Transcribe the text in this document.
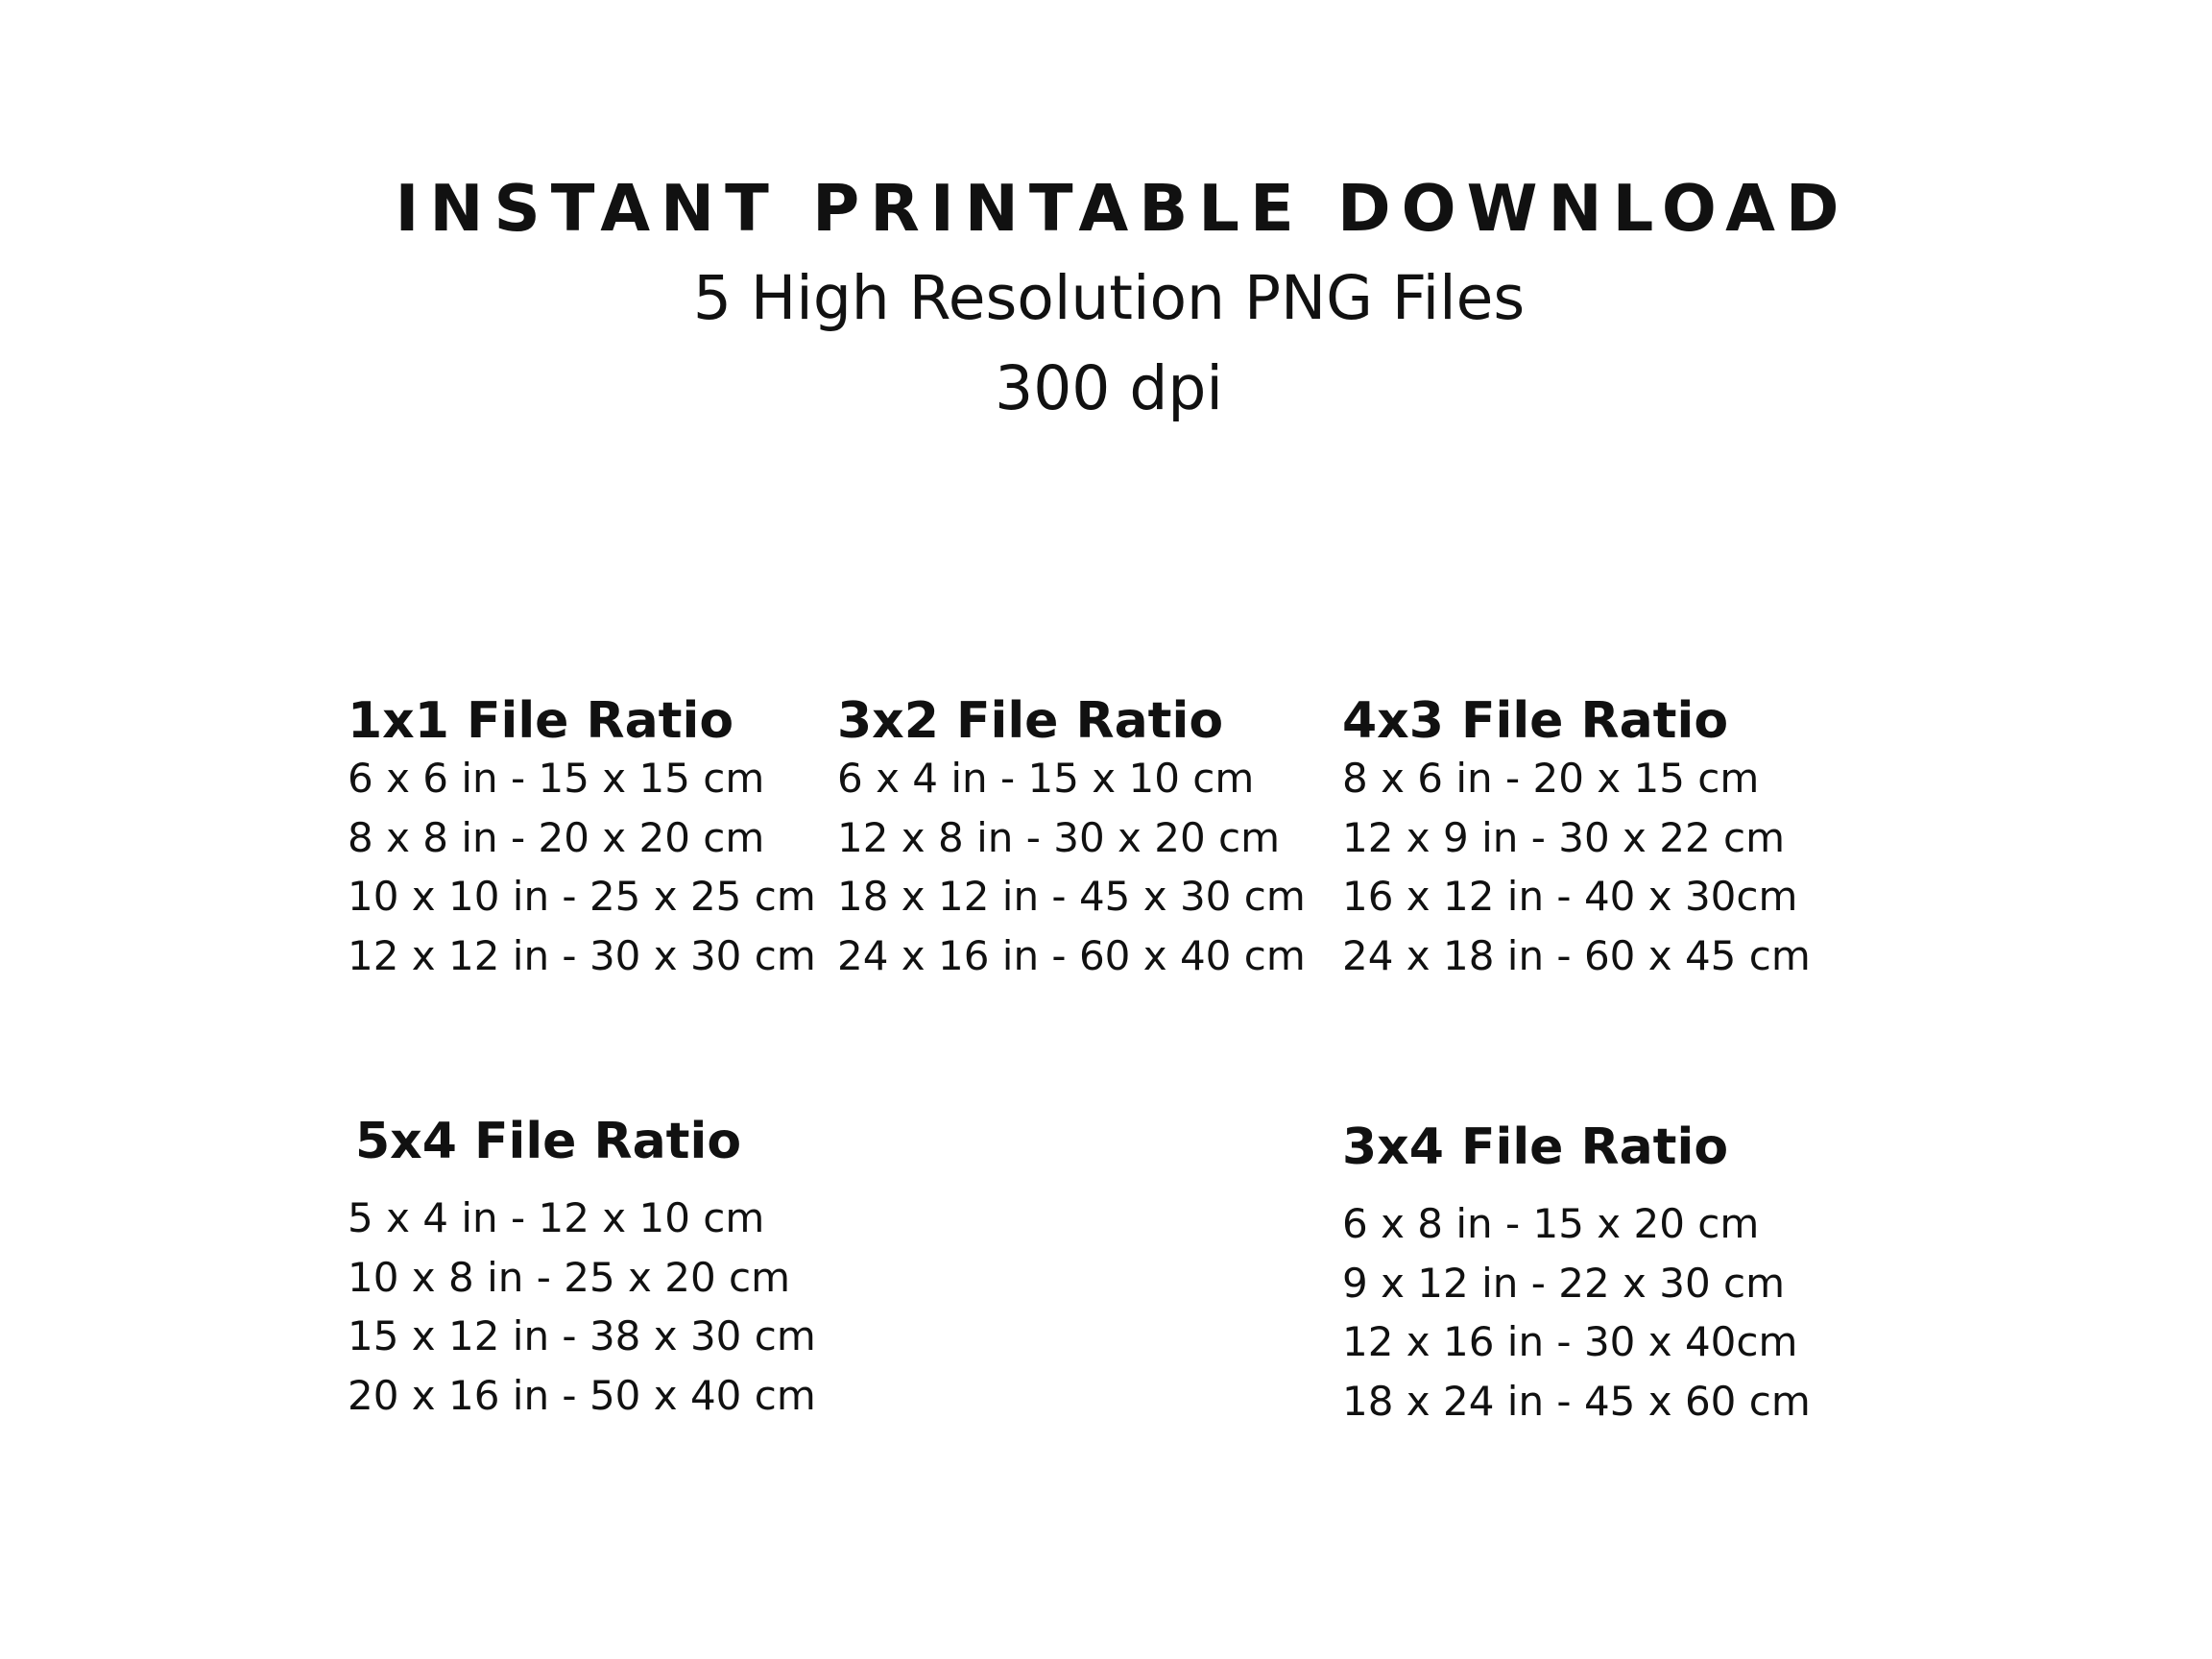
INSTANT PRINTABLE DOWNLOAD
5 High Resolution PNG Files
300 dpi
1x1 File Ratio
6 x 6 in - 15 x 15 cm
8 x 8 in - 20 x 20 cm
10 x 10 in - 25 x 25 cm
12 x 12 in - 30 x 30 cm
3x2 File Ratio
6 x 4 in - 15 x 10 cm
12 x 8 in - 30 x 20 cm
18 x 12 in - 45 x 30 cm
24 x 16 in - 60 x 40 cm
4x3 File Ratio
8 x 6 in - 20 x 15 cm
12 x 9 in - 30 x 22 cm
16 x 12 in - 40 x 30cm
24 x 18 in - 60 x 45 cm
5x4 File Ratio
5 x 4 in - 12 x 10 cm
10 x 8 in - 25 x 20 cm
15 x 12 in - 38 x 30 cm
20 x 16 in - 50 x 40 cm
3x4 File Ratio
6 x 8 in - 15 x 20 cm
9 x 12 in - 22 x 30 cm
12 x 16 in - 30 x 40cm
18 x 24 in - 45 x 60 cm
